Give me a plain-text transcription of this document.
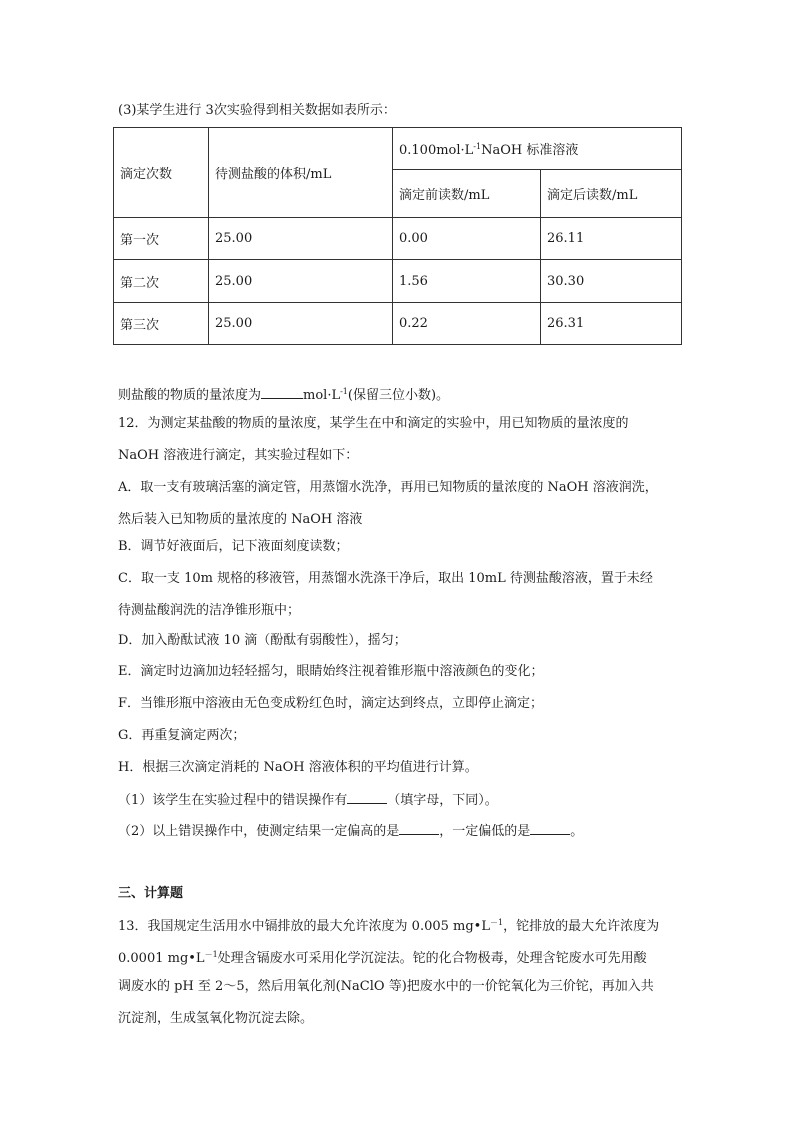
(3)某学生进行 3次实验得到相关数据如表所示：
滴定次数	待测盐酸的体积/mL	$0.100mol\cdot L^{-1}NaOH$ 标准溶液	
		滴定前读数/mL	滴定后读数/mL
第一次	25.00	0.00	26.11
第二次	25.00	1.56	30.30
第三次	25.00	0.22	26.31
则盐酸的物质的量浓度为	$mol\cdot L^{-1}$(保留三位小数)。
12．为测定某盐酸的物质的量浓度，某学生在中和滴定的实验中，用已知物质的量浓度的
NaOH 溶液进行滴定，其实验过程如下：
A．取一支有玻璃活塞的滴定管，用蒸馏水洗净，再用已知物质的量浓度的 NaOH 溶液润洗，
然后装入已知物质的量浓度的 NaOH 溶液
B．调节好液面后，记下液面刻度读数；
C．取一支 10m 规格的移液管，用蒸馏水洗涤干净后，取出 10mL 待测盐酸溶液，置于未经
待测盐酸润洗的洁净锥形瓶中；
D．加入酚酞试液 10 滴（酚酞有弱酸性），摇匀；
E．滴定时边滴加边轻轻摇匀，眼睛始终注视着锥形瓶中溶液颜色的变化；
F．当锥形瓶中溶液由无色变成粉红色时，滴定达到终点，立即停止滴定；
G．再重复滴定两次；
H．根据三次滴定消耗的 NaOH 溶液体积的平均值进行计算。
（1）该学生在实验过程中的错误操作有	（填字母，下同）。
（2）以上错误操作中，使测定结果一定偏高的是	，一定偏低的是	。
三、计算题
13．我国规定生活用水中镉排放的最大允许浓度为 0.005 $mg•L^{-1}$，铊排放的最大允许浓度为
0.0001 $mg•L^{-1}$处理含镉废水可采用化学沉淀法。铊的化合物极毒，处理含铊废水可先用酸
调废水的 pH 至 2～5，然后用氧化剂(NaClO 等)把废水中的一价铊氧化为三价铊，再加入共
沉淀剂，生成氢氧化物沉淀去除。
